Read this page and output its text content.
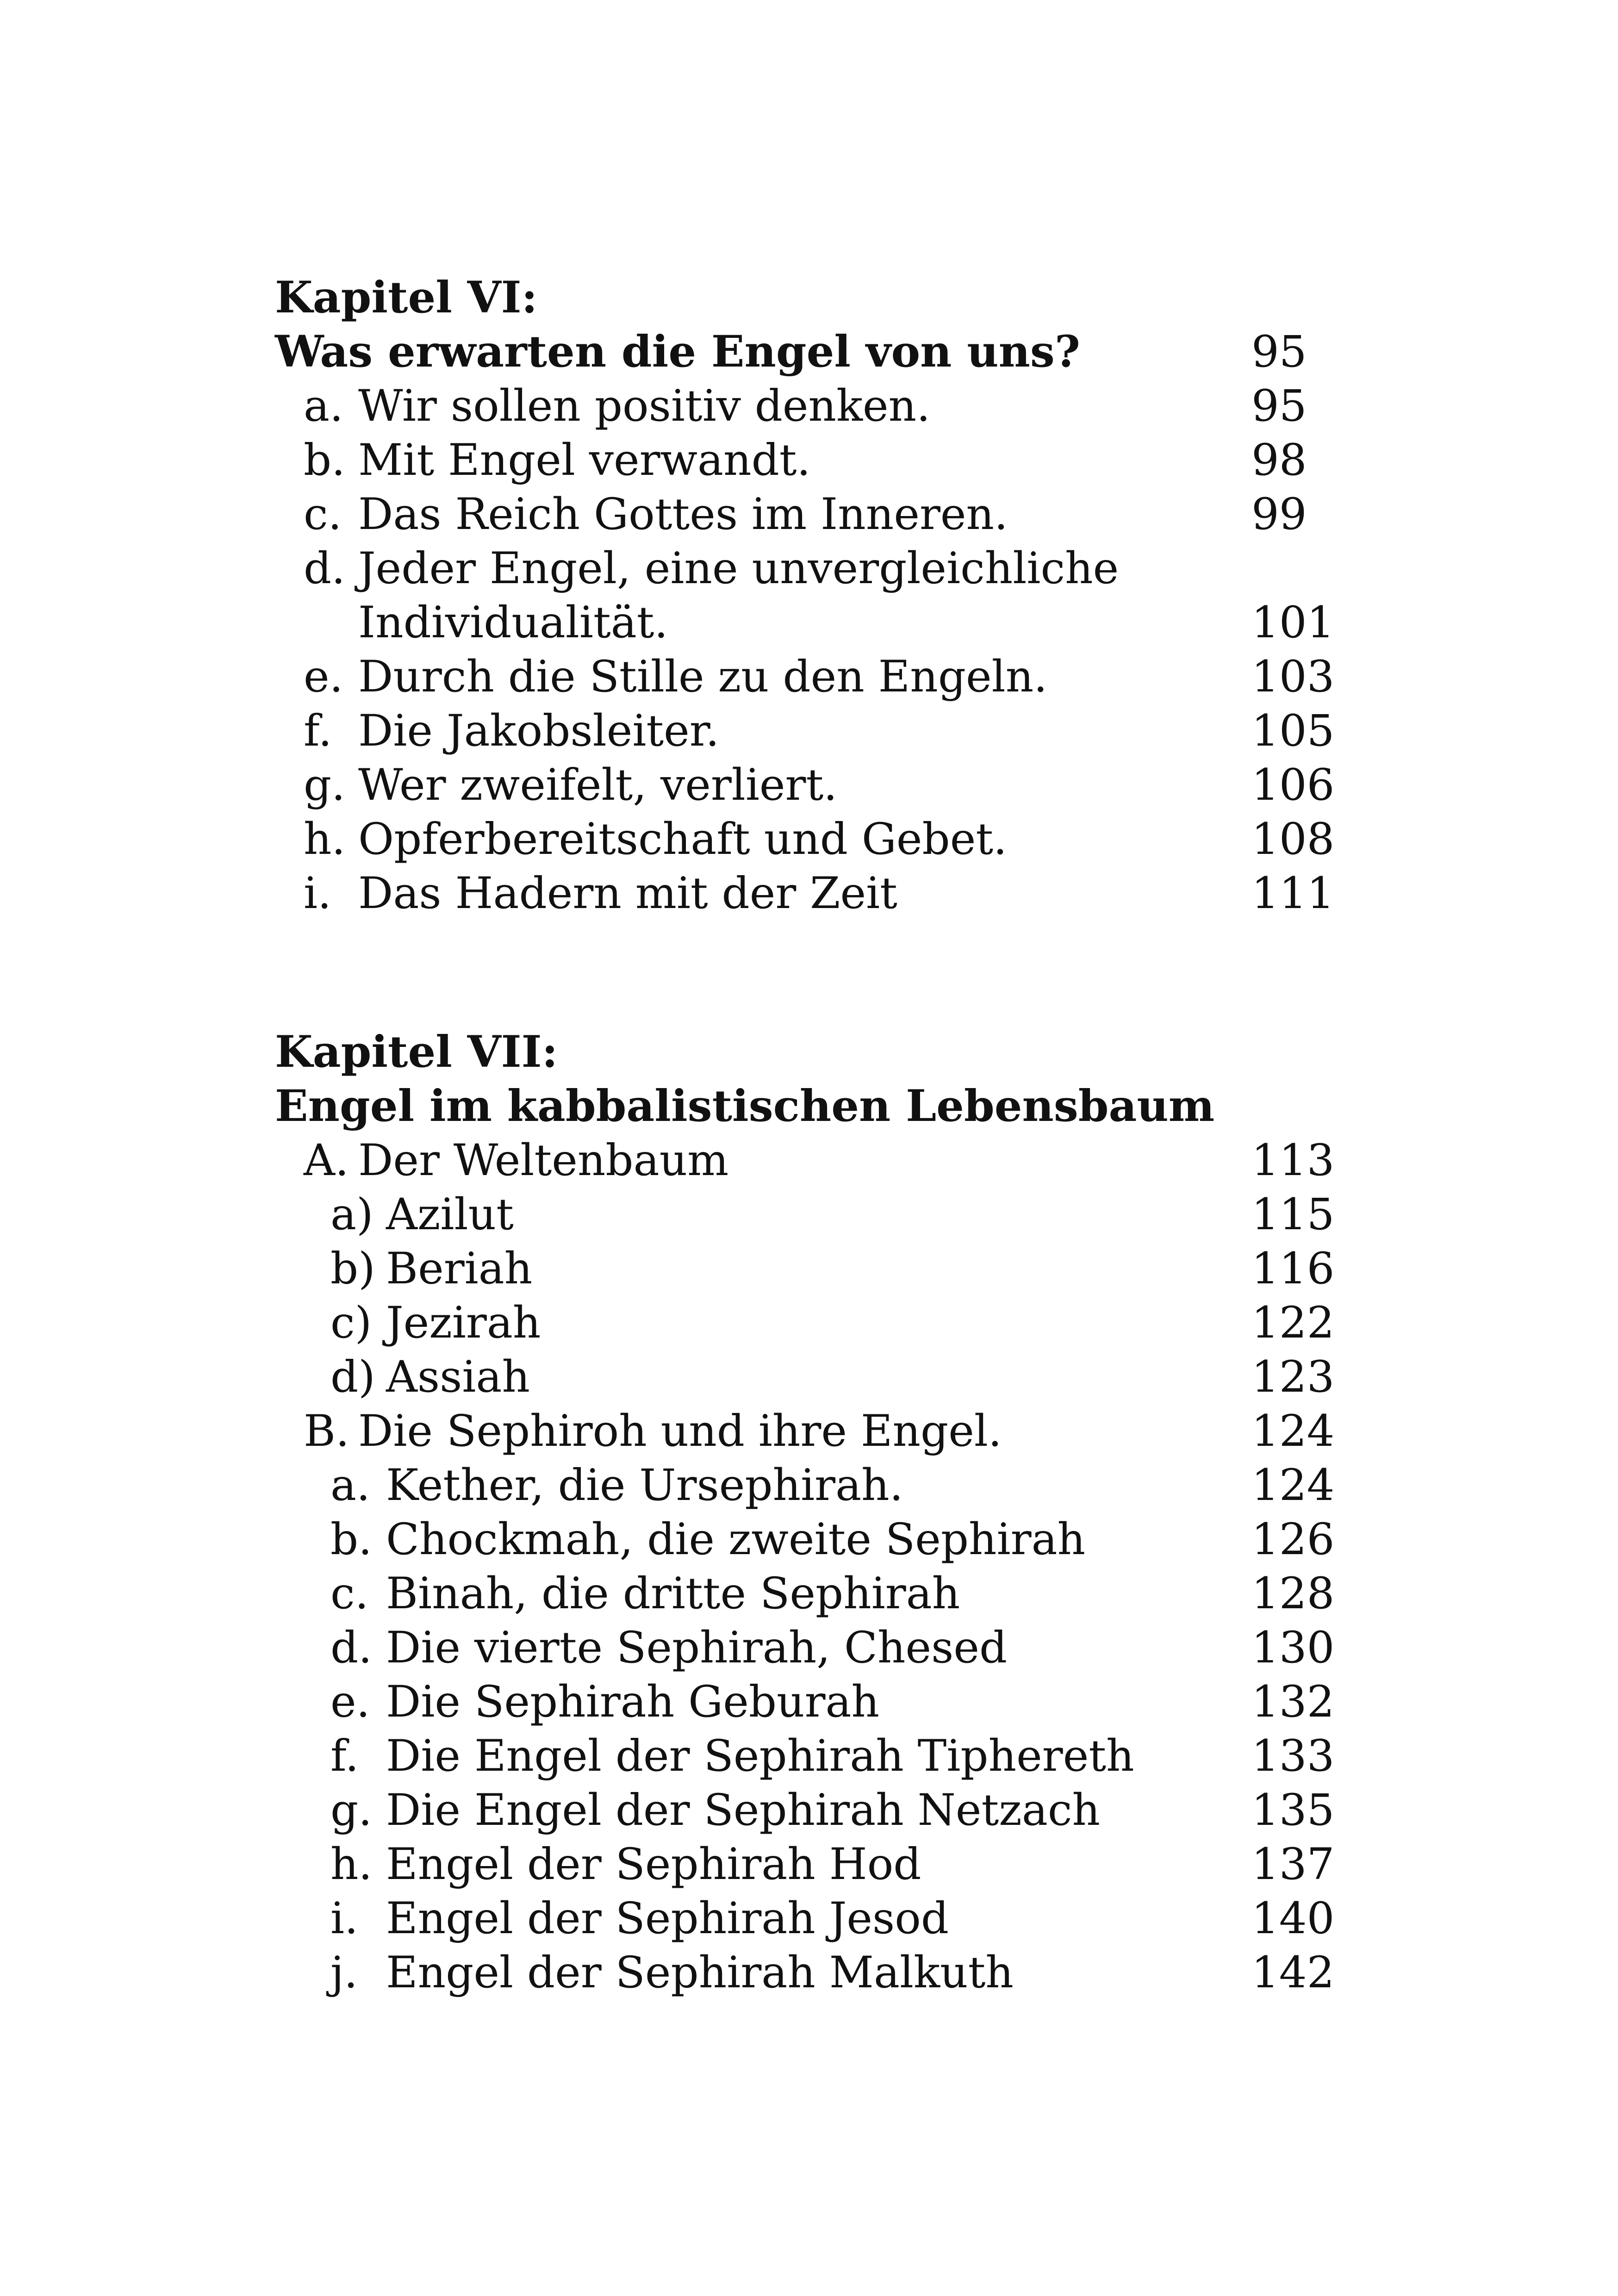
Kapitel VI:
Was erwarten die Engel von uns?	95
a. Wir sollen positiv denken.	95
b. Mit Engel verwandt.	98
c. Das Reich Gottes im Inneren.	99
d. Jeder Engel, eine unvergleichliche
Individualität.	101
e. Durch die Stille zu den Engeln.	103
f. Die Jakobsleiter.	105
g. Wer zweifelt, verliert.	106
h. Opferbereitschaft und Gebet.	108
i. Das Hadern mit der Zeit	111
Kapitel VII:
Engel im kabbalistischen Lebensbaum
A. Der Weltenbaum	113
a) Azilut	115
b) Beriah	116
c) Jezirah	122
d) Assiah	123
B. Die Sephiroh und ihre Engel.	124
a. Kether, die Ursephirah.	124
b. Chockmah, die zweite Sephirah	126
c. Binah, die dritte Sephirah	128
d. Die vierte Sephirah, Chesed	130
e. Die Sephirah Geburah	132
f. Die Engel der Sephirah Tiphereth	133
g. Die Engel der Sephirah Netzach	135
h. Engel der Sephirah Hod	137
i. Engel der Sephirah Jesod	140
j. Engel der Sephirah Malkuth	142
